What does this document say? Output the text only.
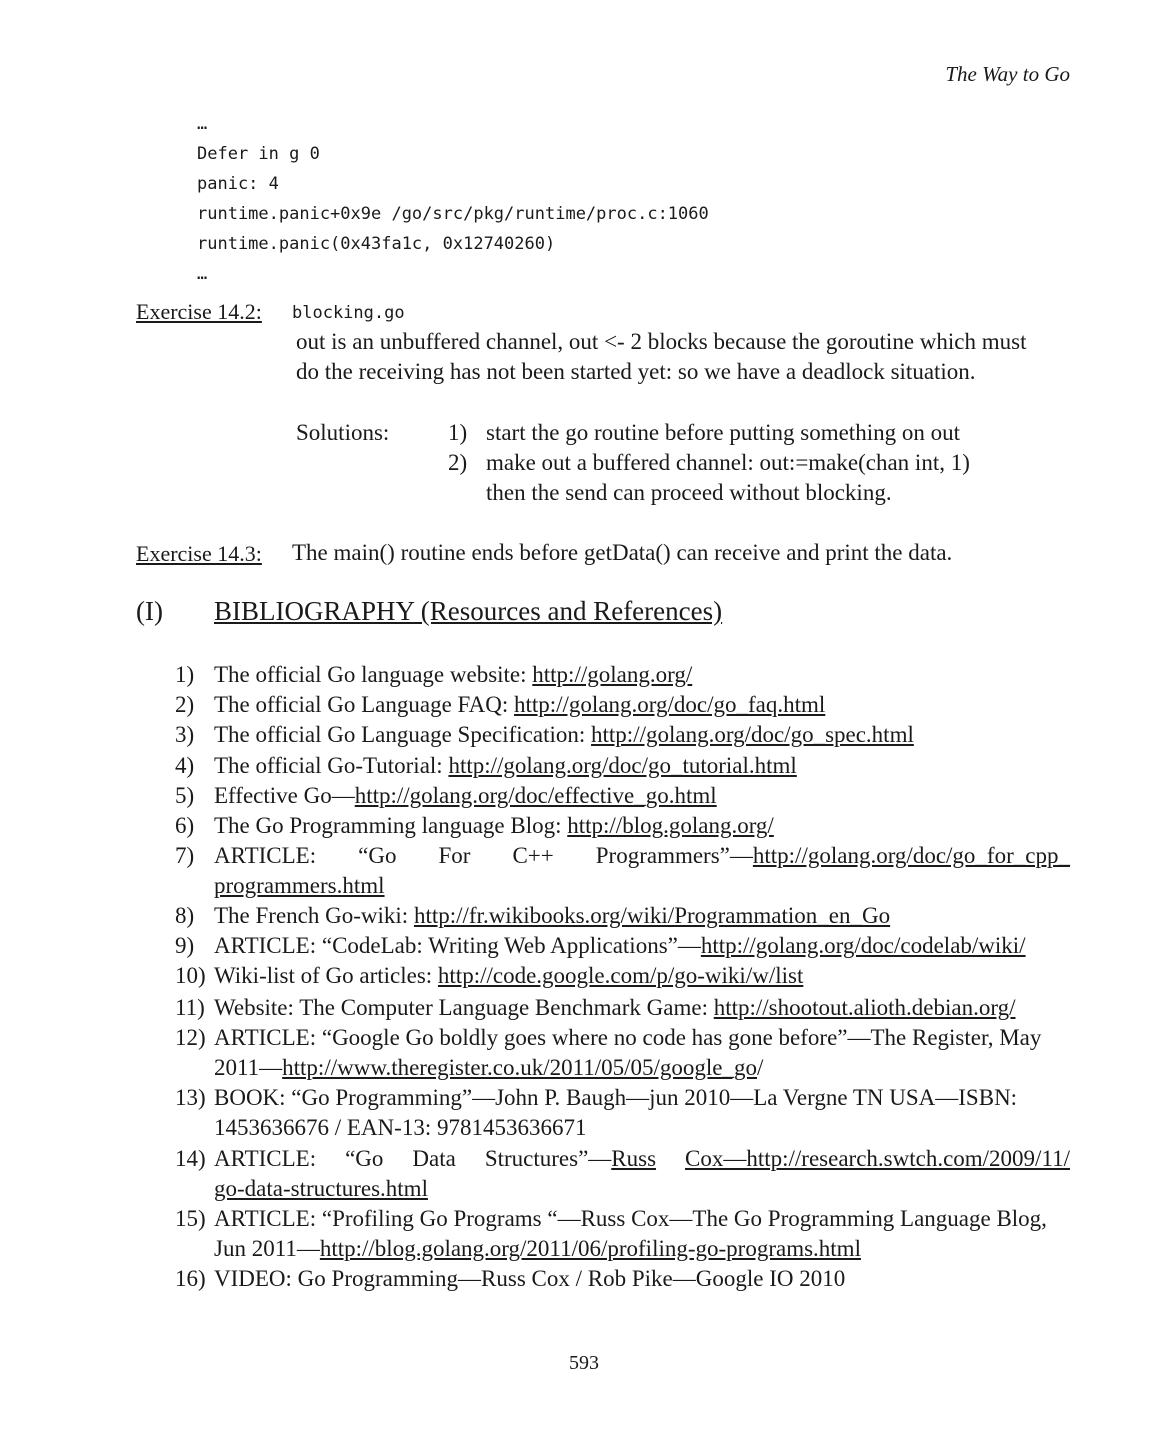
The Way to Go
…
Defer in g 0
panic: 4
runtime.panic+0x9e /go/src/pkg/runtime/proc.c:1060
runtime.panic(0x43fa1c, 0x12740260)
…
Exercise 14.2: blocking.go
out is an unbuffered channel, out <- 2 blocks because the goroutine which must
do the receiving has not been started yet: so we have a deadlock situation.
Solutions:	1) start the go routine before putting something on out
2) make out a buffered channel: out:=make(chan int, 1)
then the send can proceed without blocking.
Exercise 14.3: The main() routine ends before getData() can receive and print the data.
(I) BIBLIOGRAPHY (Resources and References)
1) The official Go language website: http://golang.org/
2) The official Go Language FAQ: http://golang.org/doc/go_faq.html
3) The official Go Language Specification: http://golang.org/doc/go_spec.html
4) The official Go-Tutorial: http://golang.org/doc/go_tutorial.html
5) Effective Go—http://golang.org/doc/effective_go.html
6) The Go Programming language Blog: http://blog.golang.org/
7) ARTICLE: “Go For C++ Programmers”—http://golang.org/doc/go_for_cpp_
programmers.html
8) The French Go-wiki: http://fr.wikibooks.org/wiki/Programmation_en_Go
9) ARTICLE: “CodeLab: Writing Web Applications”—http://golang.org/doc/codelab/wiki/
10) Wiki-list of Go articles: http://code.google.com/p/go-wiki/w/list
11) Website: The Computer Language Benchmark Game: http://shootout.alioth.debian.org/
12) ARTICLE: “Google Go boldly goes where no code has gone before”—The Register, May
2011—http://www.theregister.co.uk/2011/05/05/google_go/
13) BOOK: “Go Programming”—John P. Baugh—jun 2010—La Vergne TN USA—ISBN:
1453636676 / EAN-13: 9781453636671
14) ARTICLE: “Go Data Structures”—Russ Cox—http://research.swtch.com/2009/11/
go-data-structures.html
15) ARTICLE: “Profiling Go Programs “—Russ Cox—The Go Programming Language Blog,
Jun 2011—http://blog.golang.org/2011/06/profiling-go-programs.html
16) VIDEO: Go Programming—Russ Cox / Rob Pike—Google IO 2010
593
